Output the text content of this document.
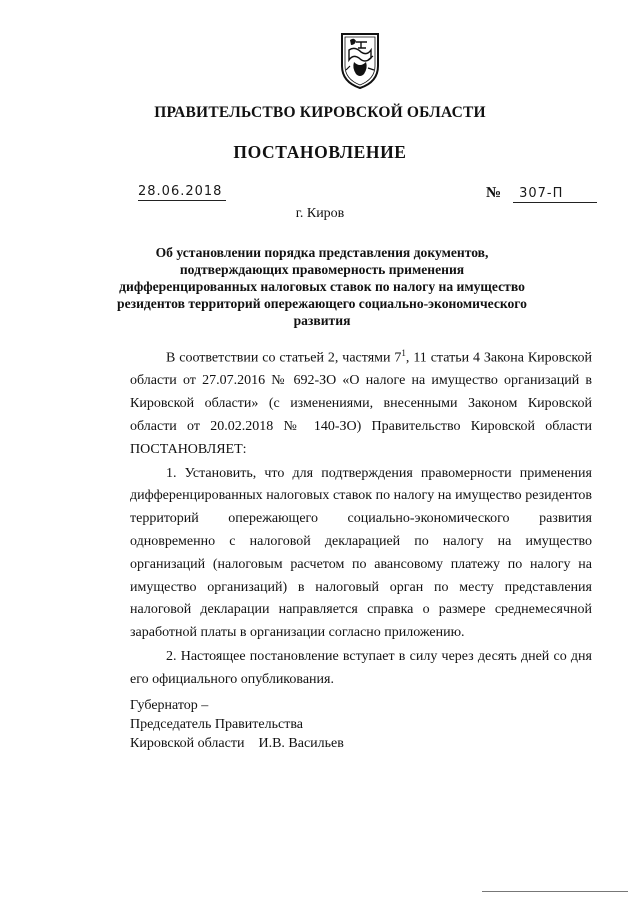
ПРАВИТЕЛЬСТВО КИРОВСКОЙ ОБЛАСТИ
ПОСТАНОВЛЕНИЕ
28.06.2018	№ 307-П
г. Киров
Об установлении порядка представления документов, подтверждающих правомерность применения дифференцированных налоговых ставок по налогу на имущество резидентов территорий опережающего социально-экономического развития

В соответствии со статьей 2, частями $7^1$, 11 статьи 4 Закона Кировской области от 27.07.2016 № 692-ЗО «О налоге на имущество организаций в Кировской области» (с изменениями, внесенными Законом Кировской области от 20.02.2018 № 140-ЗО) Правительство Кировской области ПОСТАНОВЛЯЕТ:

1. Установить, что для подтверждения правомерности применения дифференцированных налоговых ставок по налогу на имущество резидентов территорий опережающего социально-экономического развития одновременно с налоговой декларацией по налогу на имущество организаций (налоговым расчетом по авансовому платежу по налогу на имущество организаций) в налоговый орган по месту представления налоговой декларации направляется справка о размере среднемесячной заработной платы в организации согласно приложению.

2. Настоящее постановление вступает в силу через десять дней со дня его официального опубликования.

Губернатор –
Председатель Правительства
Кировской области И.В. Васильев
